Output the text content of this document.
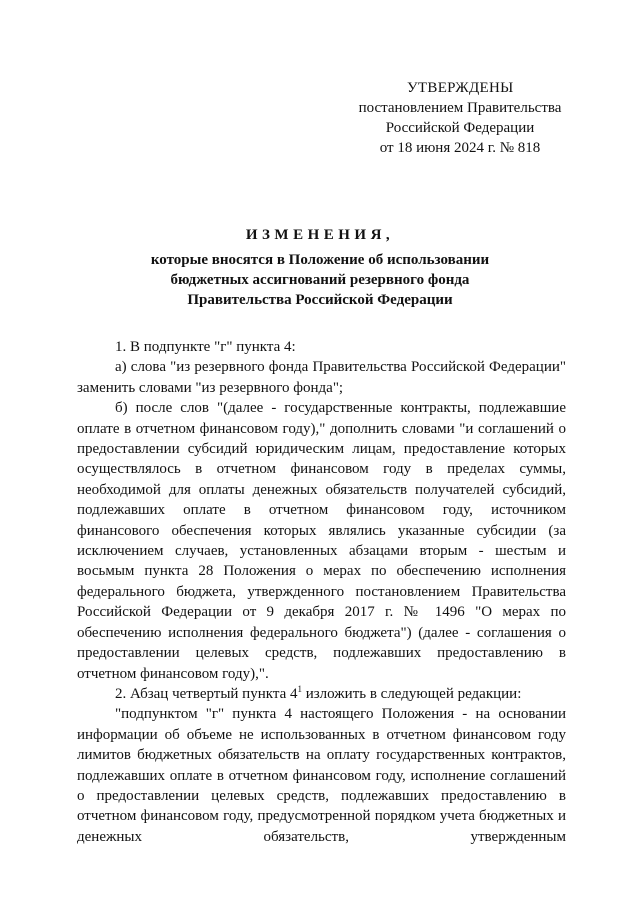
УТВЕРЖДЕНЫ
постановлением Правительства
Российской Федерации
от 18 июня 2024 г. № 818
ИЗМЕНЕНИЯ,
которые вносятся в Положение об использовании
бюджетных ассигнований резервного фонда
Правительства Российской Федерации

1. В подпункте "г" пункта 4:

а) слова "из резервного фонда Правительства Российской Федерации" заменить словами "из резервного фонда";

б) после слов "(далее - государственные контракты, подлежавшие оплате в отчетном финансовом году)," дополнить словами "и соглашений о предоставлении субсидий юридическим лицам, предоставление которых осуществлялось в отчетном финансовом году в пределах суммы, необходимой для оплаты денежных обязательств получателей субсидий, подлежавших оплате в отчетном финансовом году, источником финансового обеспечения которых являлись указанные субсидии (за исключением случаев, установленных абзацами вторым - шестым и восьмым пункта 28 Положения о мерах по обеспечению исполнения федерального бюджета, утвержденного постановлением Правительства Российской Федерации от 9 декабря 2017 г. № 1496 "О мерах по обеспечению исполнения федерального бюджета") (далее - соглашения о предоставлении целевых средств, подлежавших предоставлению в отчетном финансовом году),".

2. Абзац четвертый пункта $4^1$ изложить в следующей редакции:

"подпунктом "г" пункта 4 настоящего Положения - на основании информации об объеме не использованных в отчетном финансовом году лимитов бюджетных обязательств на оплату государственных контрактов, подлежавших оплате в отчетном финансовом году, исполнение соглашений о предоставлении целевых средств, подлежавших предоставлению в отчетном финансовом году, предусмотренной порядком учета бюджетных и денежных обязательств, утвержденным
